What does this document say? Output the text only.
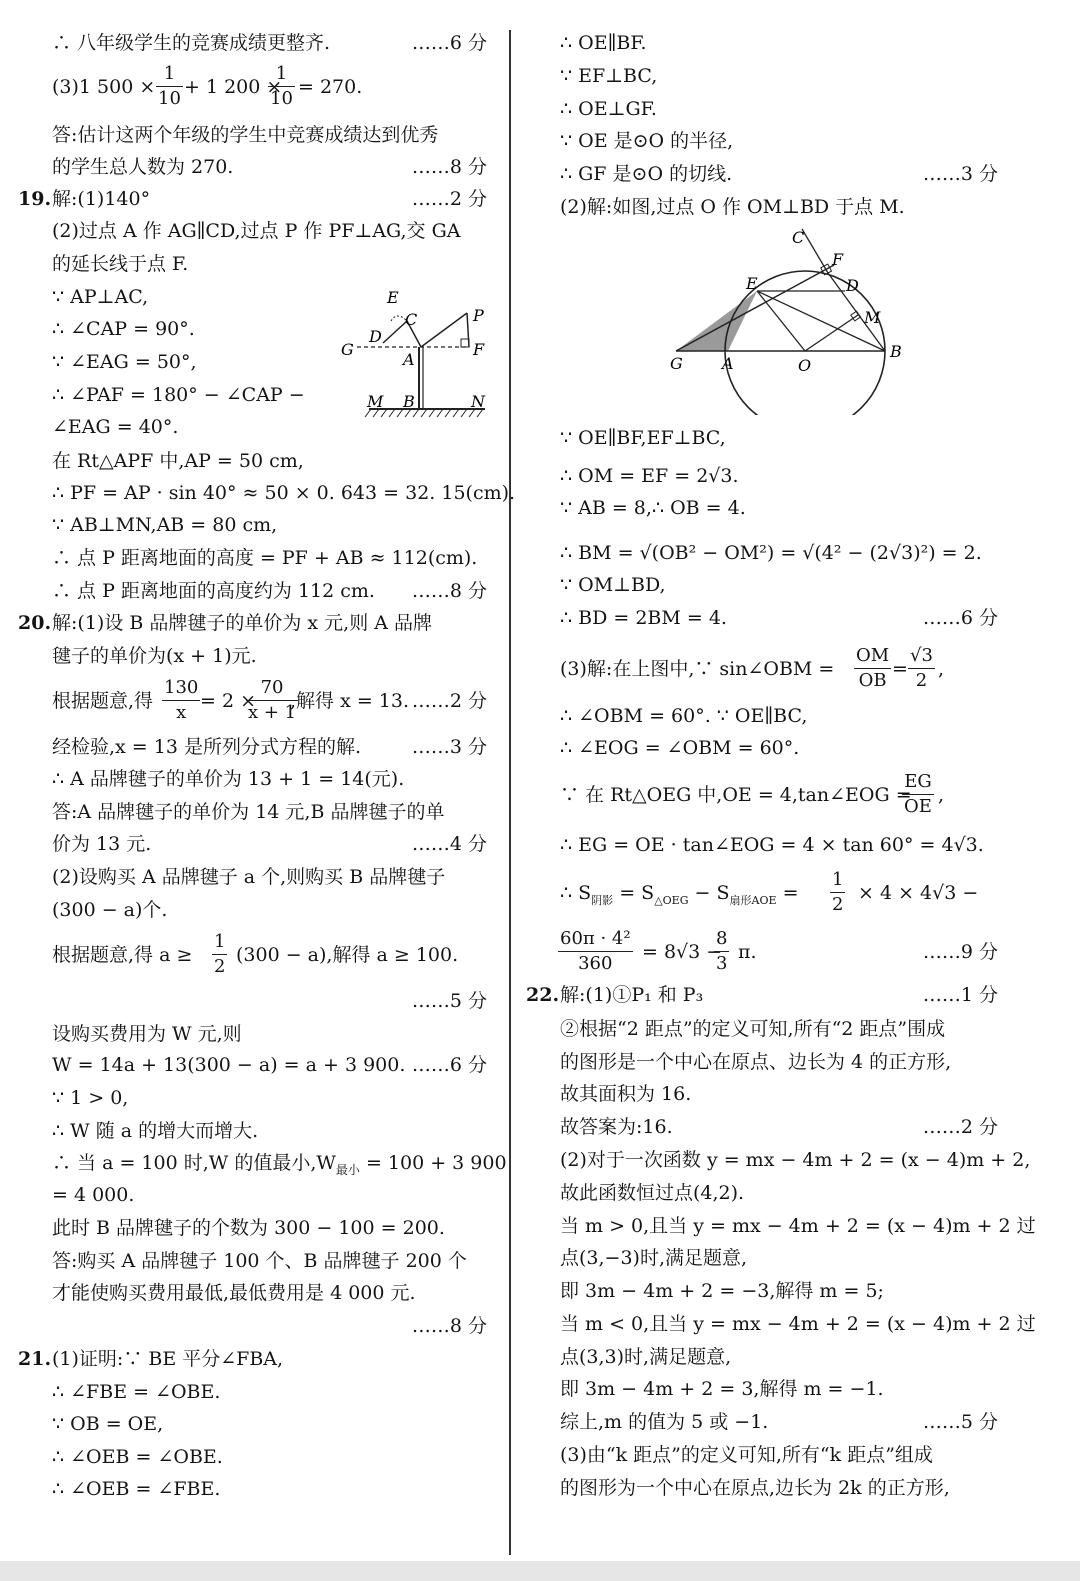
∴ 八年级学生的竞赛成绩更整齐.	……6 分
(3)1 $500 \times \frac{1}{10} + 1$ 200 ×
$\frac{1}{10} = 270$.
答:估计这两个年级的学生中竞赛成绩达到优秀
的学生总人数为 270.	……8 分
19. 解:(1)140°	……2 分
(2)过点 A 作 AG∥CD,过点 P 作 PF⊥AG,交 GA
的延长线于点 F.
∵ AP⊥AC,
∴ ∠CAP = 90°.
∵ ∠EAG = 50°,
∴ ∠PAF = 180° − ∠CAP −
∠EAG = 40°.
E
C	P
D
G
A
F
M B	N
在 Rt△APF 中,AP = 50 cm,
∴ PF = AP · sin 40° ≈ 50 × 0. 643 = 32. 15(cm).
∵ AB⊥MN,AB = 80 cm,
∴ 点 P 距离地面的高度 = PF + AB ≈ 112(cm).
∴ 点 P 距离地面的高度约为 112 cm. ……8 分
20. 解:(1)设 B 品牌毽子的单价为 x 元,则 A 品牌
毽子的单价为(x + 1)元.
根据题意,得 $\frac{130}{x} = 2$ ×
$\frac{70}{x + 1}$
,解得 x = 13. ……2 分
经检验,x = 13 是所列分式方程的解.	……3 分
∴ A 品牌毽子的单价为 13 + 1 = 14(元).
答:A 品牌毽子的单价为 14 元,B 品牌毽子的单
价为 13 元.	……4 分
(2)设购买 A 品牌毽子 a 个,则购买 B 品牌毽子
(300 − a)个.
根据题意,得 $a \ge \frac{1}{2} (300 - a)$,解得 a ≥ 100.
……5 分
设购买费用为 W 元,则
W = 14a + 13(300 − a) = a + 3 900. ……6 分
∵ 1 > 0,
∴ W 随 a 的增大而增大.
∴ 当 a = 100 时,W 的值最小$,W_{最小} = 100 + 3$ 900
= 4 000.
此时 B 品牌毽子的个数为 300 − 100 = 200.
答:购买 A 品牌毽子 100 个、B 品牌毽子 200 个
才能使购买费用最低,最低费用是 4 000 元.
……8 分
21. (1)证明:∵ BE 平分∠FBA,
∴ ∠FBE = ∠OBE.
∵ OB = OE,
∴ ∠OEB = ∠OBE.
∴ ∠OEB = ∠FBE.
∴ OE∥BF.
∵ EF⊥BC,
∴ OE⊥GF.
∵ OE 是⊙O 的半径,
∴ GF 是⊙O 的切线.	……3 分
(2)解:如图,过点 O 作 OM⊥BD 于点 M.
C
F
E	D
M
G A	O
B
∵ OE∥BF,EF⊥BC,
∴ OM = EF = 2√3.
∵ AB = 8,∴ OB = 4.
∴ BM = √(OB² − OM²) = √(4² − (2√3)²) = 2.
∵ OM⊥BD,
∴ BD = 2BM = 4.	……6 分
(3)解:在上图中,∵ sin∠OBM = $\frac{OM}{OB} = \frac{√3}{2}$ ,
∴ ∠OBM = 60°. ∵ OE∥BC,
∴ ∠EOG = ∠OBM = 60°.
∵ 在 Rt△OEG 中,OE = 4,tan∠EOG =
$\frac{EG}{OE}$ ,
∴ EG = OE · tan∠EOG = 4 × tan 60° = 4√3.
∴ $S_{阴影} = S_{\triangle OEG} - S_{扇形AOE} = \frac{1}{2} \times 4 \times 4√3$ −
$\frac{\text{60π · 4²}}{360} = 8√3$ −
$\frac{8}{3} \pi$.	……9 分
22. 解:(1)①P₁ 和 P₃	……1 分
②根据“2 距点”的定义可知,所有“2 距点”围成
的图形是一个中心在原点、边长为 4 的正方形,
故其面积为 16.
故答案为:16.	……2 分
(2)对于一次函数 y = mx − 4m + 2 = (x − 4)m + 2,
故此函数恒过点(4,2).
当 m > 0,且当 y = mx − 4m + 2 = (x − 4)m + 2 过
点(3,−3)时,满足题意,
即 3m − 4m + 2 = −3,解得 m = 5;
当 m < 0,且当 y = mx − 4m + 2 = (x − 4)m + 2 过
点(3,3)时,满足题意,
即 3m − 4m + 2 = 3,解得 m = −1.
综上,m 的值为 5 或 −1.	……5 分
(3)由“k 距点”的定义可知,所有“k 距点”组成
的图形为一个中心在原点,边长为 2k 的正方形,
